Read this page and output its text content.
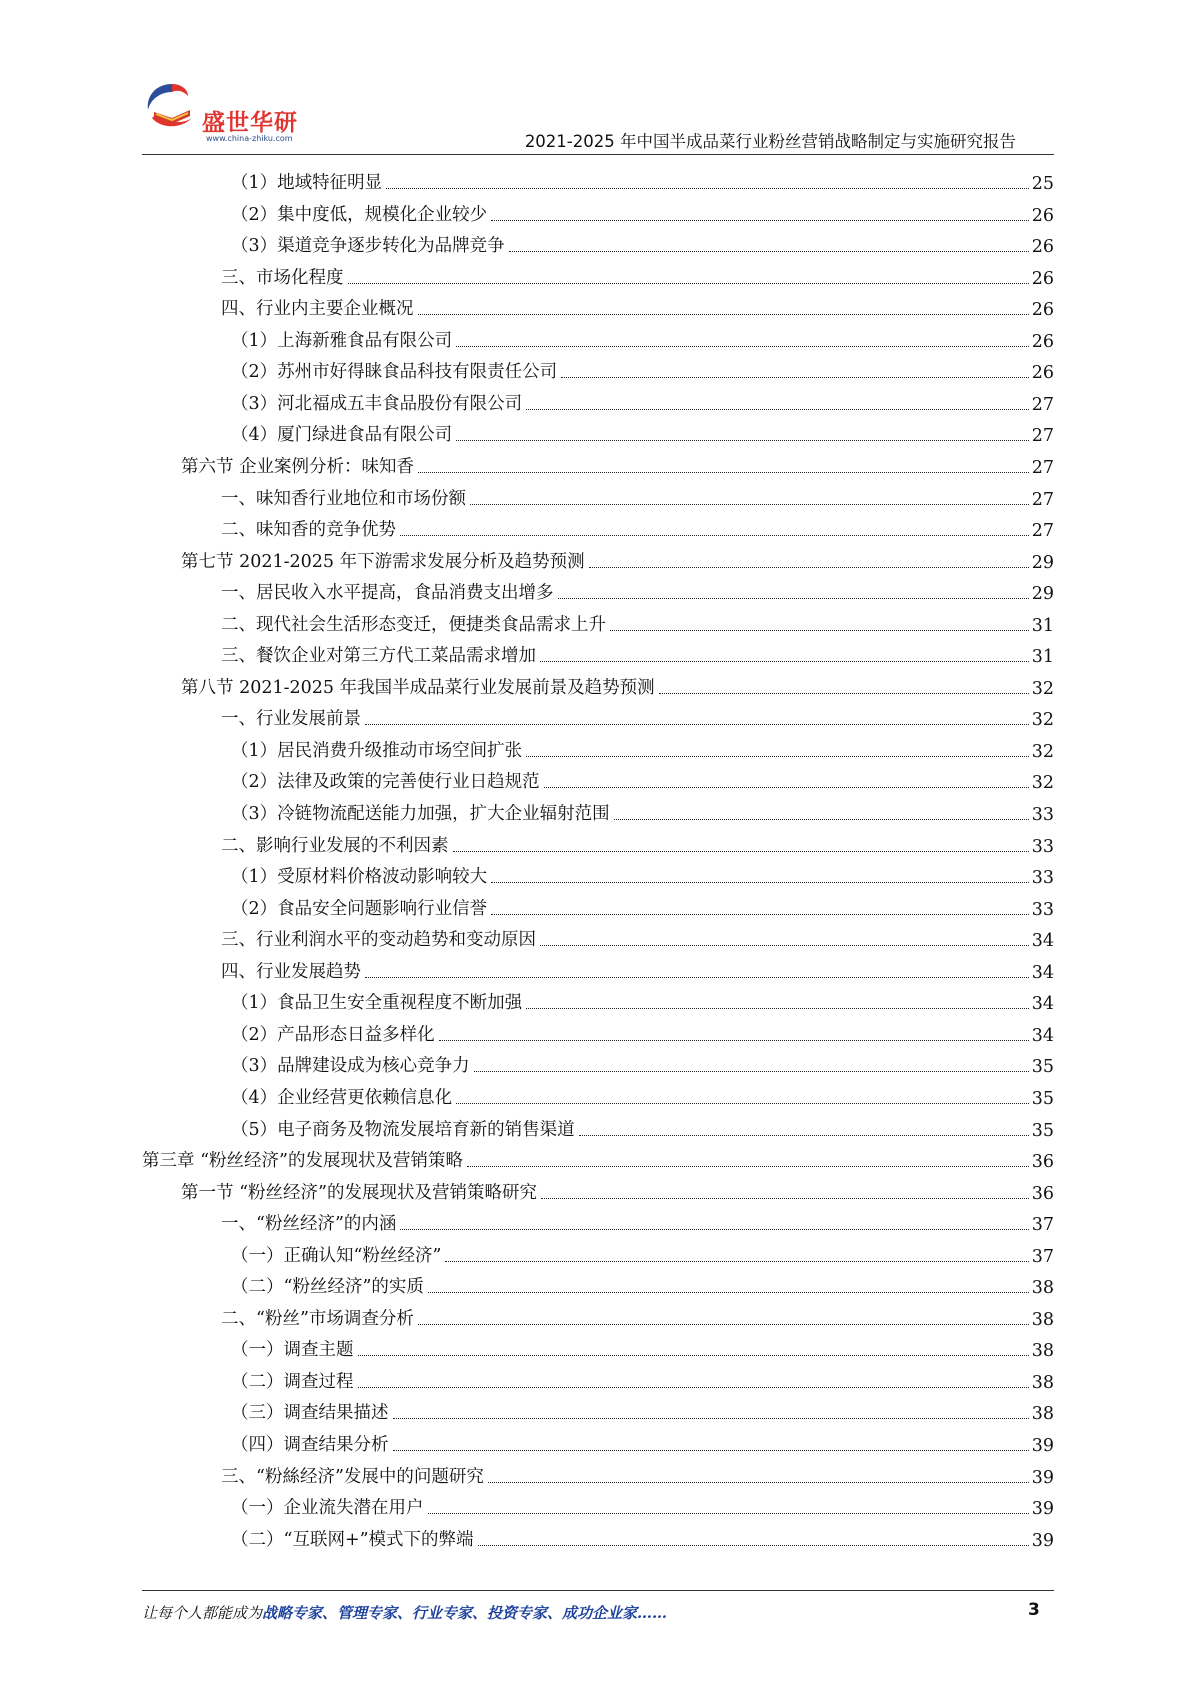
盛世华研
www.china-zhiku.com	2021-2025 年中国半成品菜行业粉丝营销战略制定与实施研究报告
（1）地域特征明显	25
（2）集中度低，规模化企业较少	26
（3）渠道竞争逐步转化为品牌竞争	26
三、市场化程度	26
四、行业内主要企业概况	26
（1）上海新雅食品有限公司	26
（2）苏州市好得睐食品科技有限责任公司	26
（3）河北福成五丰食品股份有限公司	27
（4）厦门绿进食品有限公司	27
第六节 企业案例分析：味知香	27
一、味知香行业地位和市场份额	27
二、味知香的竞争优势	27
第七节 2021-2025 年下游需求发展分析及趋势预测	29
一、居民收入水平提高，食品消费支出增多	29
二、现代社会生活形态变迁，便捷类食品需求上升	31
三、餐饮企业对第三方代工菜品需求增加	31
第八节 2021-2025 年我国半成品菜行业发展前景及趋势预测	32
一、行业发展前景	32
（1）居民消费升级推动市场空间扩张	32
（2）法律及政策的完善使行业日趋规范	32
（3）冷链物流配送能力加强，扩大企业辐射范围	33
二、影响行业发展的不利因素	33
（1）受原材料价格波动影响较大	33
（2）食品安全问题影响行业信誉	33
三、行业利润水平的变动趋势和变动原因	34
四、行业发展趋势	34
（1）食品卫生安全重视程度不断加强	34
（2）产品形态日益多样化	34
（3）品牌建设成为核心竞争力	35
（4）企业经营更依赖信息化	35
（5）电子商务及物流发展培育新的销售渠道	35
第三章 “粉丝经济”的发展现状及营销策略	36
第一节 “粉丝经济”的发展现状及营销策略研究	36
一、“粉丝经济”的内涵	37
（一）正确认知“粉丝经济”	37
（二）“粉丝经济”的实质	38
二、“粉丝”市场调查分析	38
（一）调查主题	38
（二）调查过程	38
（三）调查结果描述	38
（四）调查结果分析	39
三、“粉絲经济”发展中的问题研究	39
（一）企业流失潜在用户	39
（二）“互联网+”模式下的弊端	39
让每个人都能成为战略专家、管理专家、行业专家、投资专家、成功企业家……	3
